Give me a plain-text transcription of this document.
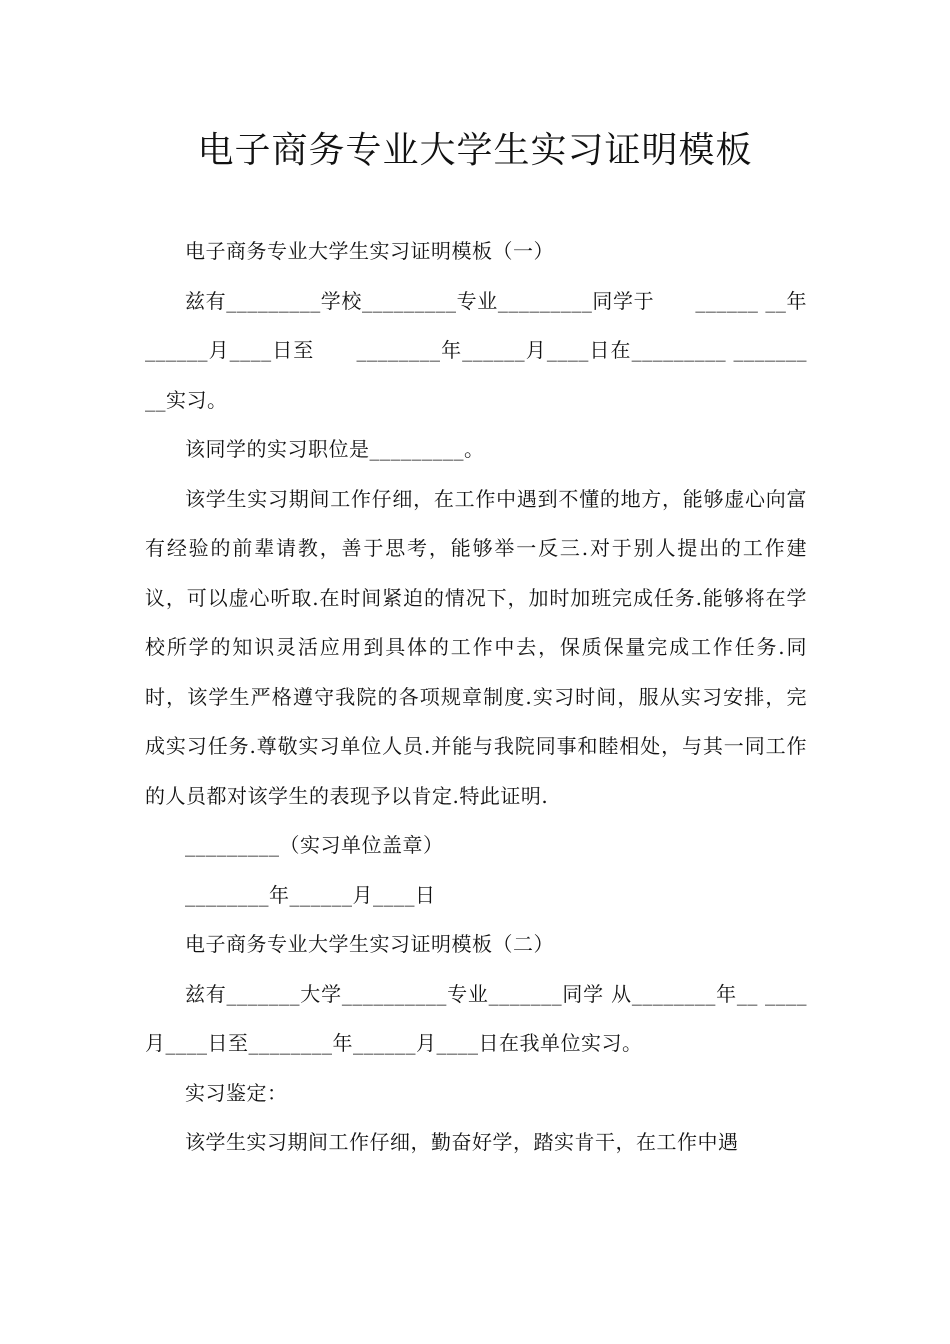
电子商务专业大学生实习证明模板

电子商务专业大学生实习证明模板（一）

兹有_________学校_________专业_________同学于　　______ __年______月____日至　　________年______月____日在_________ _________实习。

该同学的实习职位是_________。

该学生实习期间工作仔细，在工作中遇到不懂的地方，能够虚心向富有经验的前辈请教，善于思考，能够举一反三.对于别人提出的工作建议，可以虚心听取.在时间紧迫的情况下，加时加班完成任务.能够将在学校所学的知识灵活应用到具体的工作中去，保质保量完成工作任务.同时，该学生严格遵守我院的各项规章制度.实习时间，服从实习安排，完成实习任务.尊敬实习单位人员.并能与我院同事和睦相处，与其一同工作的人员都对该学生的表现予以肯定.特此证明.

_________（实习单位盖章）

________年______月____日

电子商务专业大学生实习证明模板（二）

兹有_______大学__________专业_______同学 从________年__ ____月____日至________年______月____日在我单位实习。

实习鉴定：

该学生实习期间工作仔细，勤奋好学，踏实肯干，在工作中遇
